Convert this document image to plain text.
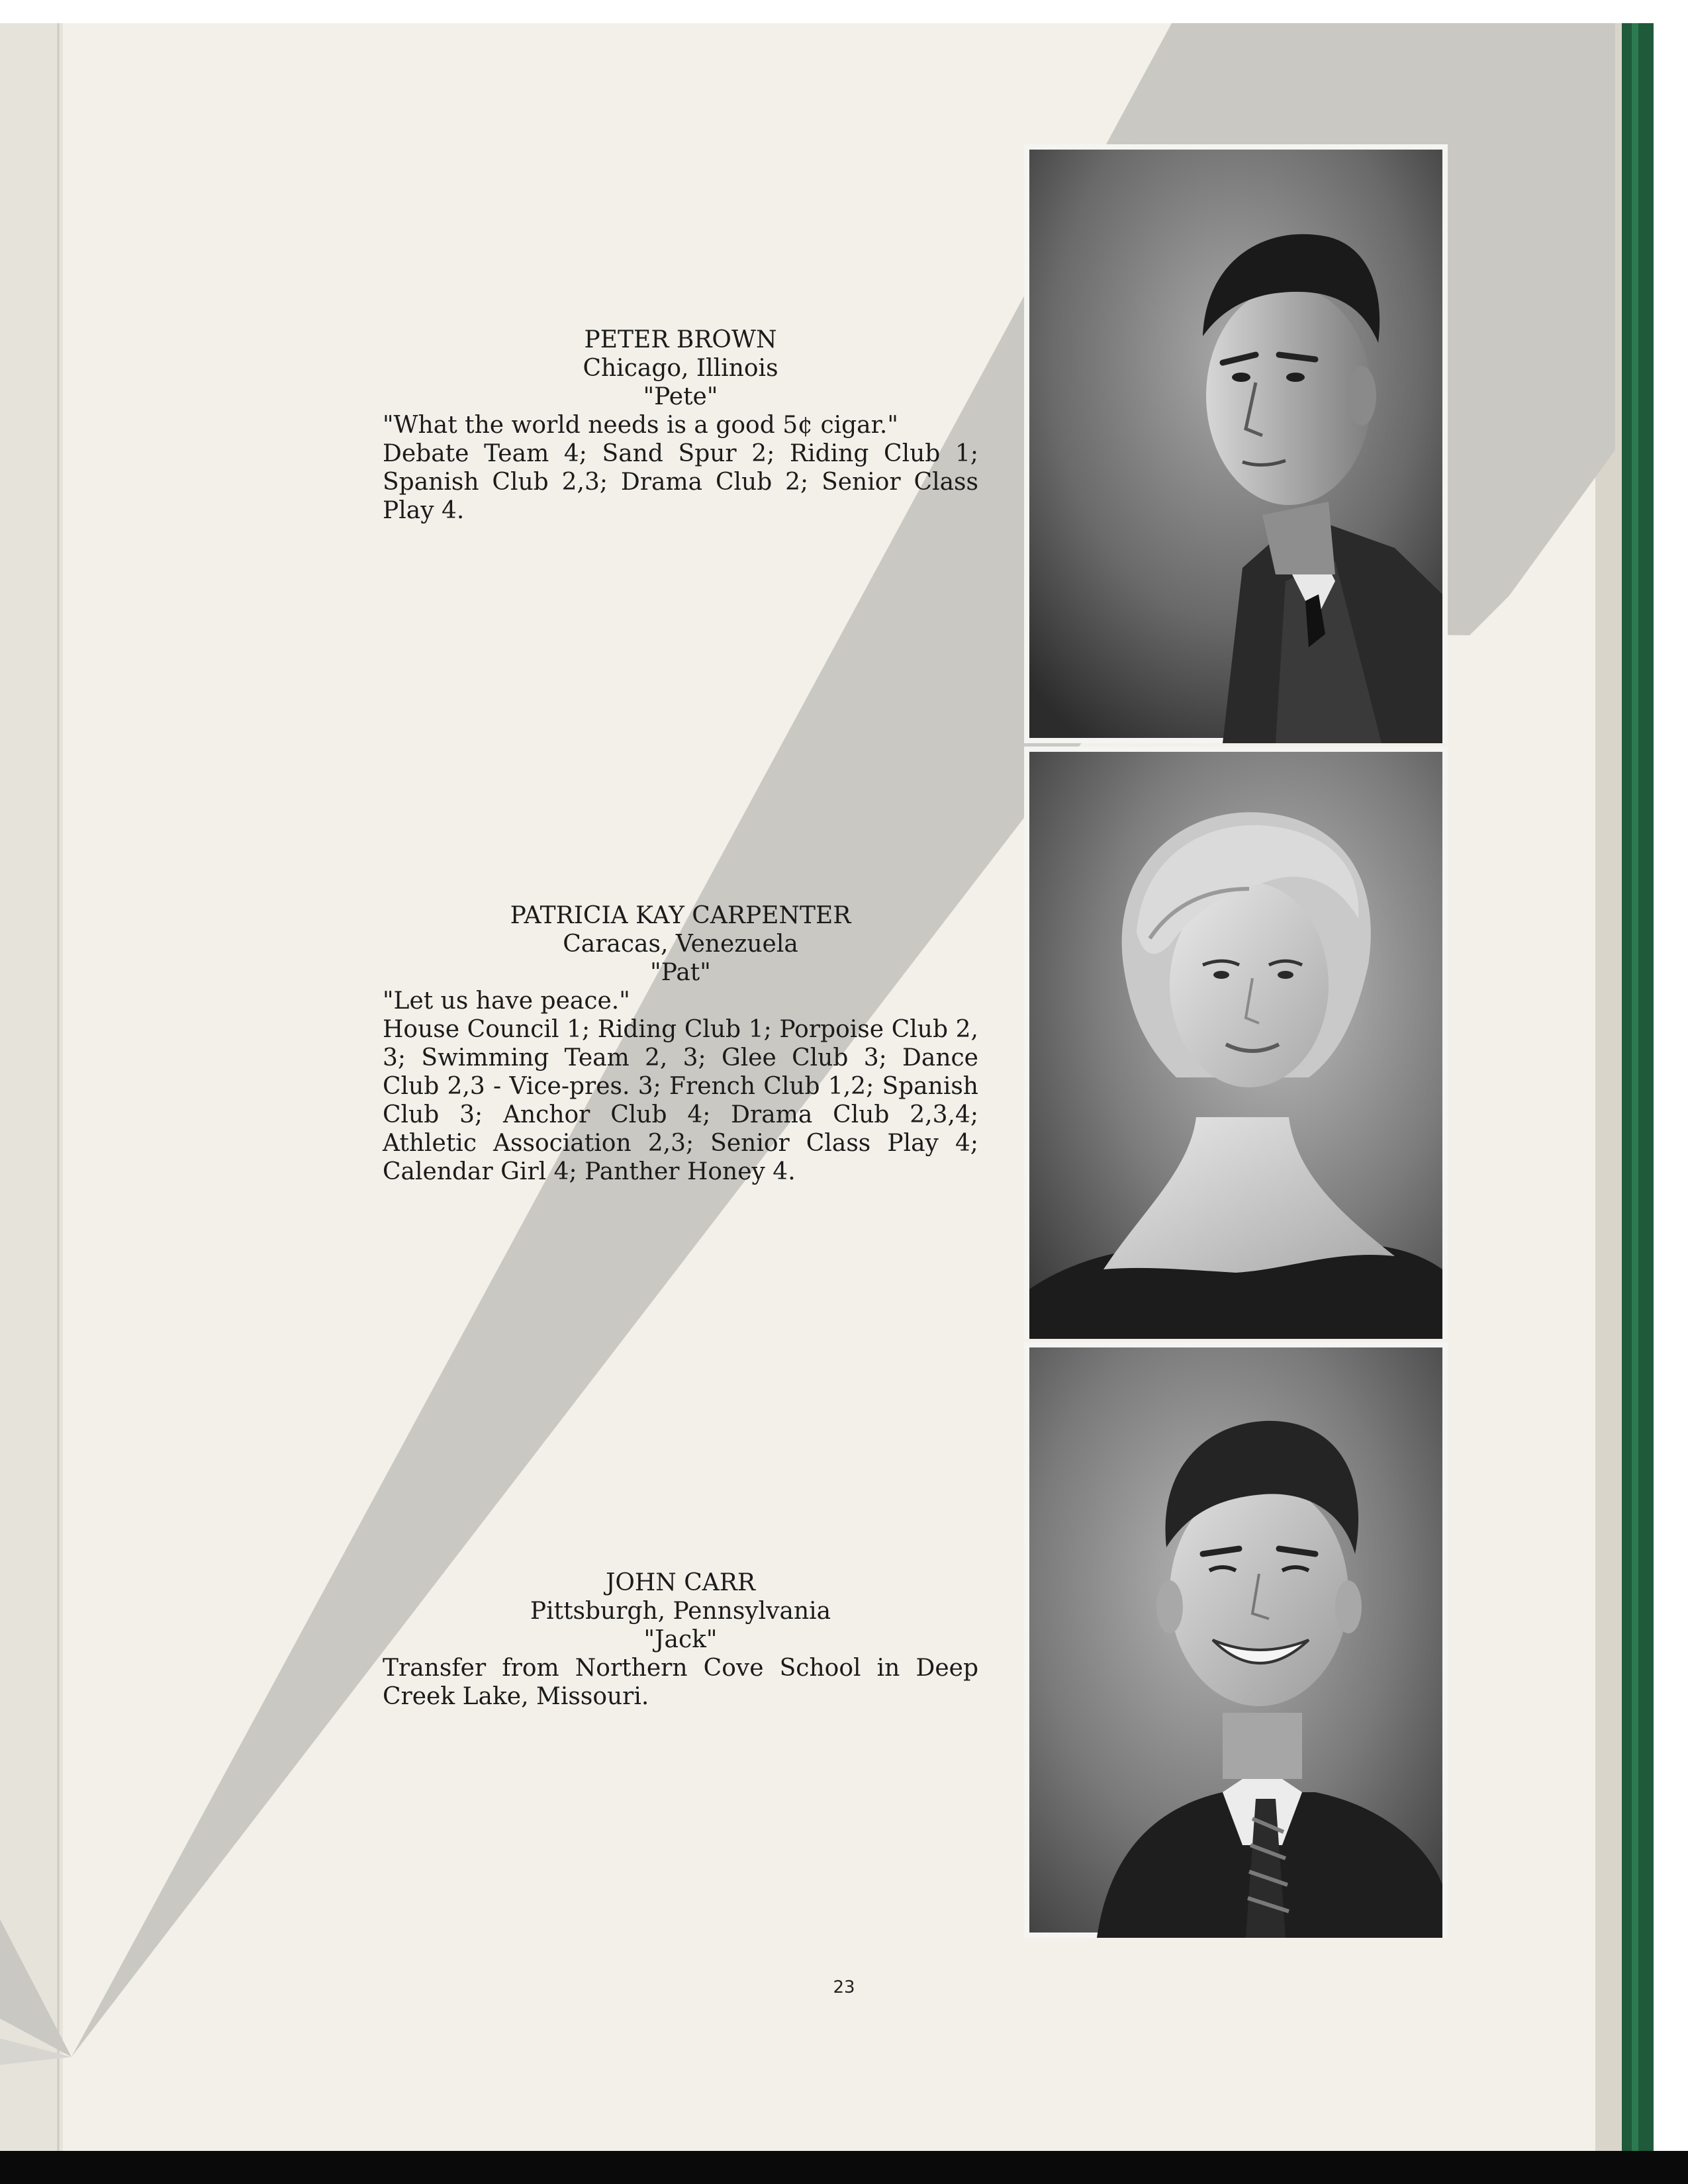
PETER BROWN
Chicago, Illinois
"Pete"
"What the world needs is a good 5¢ cigar."
Debate Team 4; Sand Spur 2; Riding Club 1; Spanish Club 2,3; Drama Club 2; Senior Class Play 4.
PATRICIA KAY CARPENTER
Caracas, Venezuela
"Pat"
"Let us have peace."
House Council 1; Riding Club 1; Porpoise Club 2, 3; Swimming Team 2, 3; Glee Club 3; Dance Club 2,3 - Vice-pres. 3; French Club 1,2; Spanish Club 3; Anchor Club 4; Drama Club 2,3,4; Athletic Association 2,3; Senior Class Play 4; Calendar Girl 4; Panther Honey 4.
JOHN CARR
Pittsburgh, Pennsylvania
"Jack"
Transfer from Northern Cove School in Deep Creek Lake, Missouri.
23
